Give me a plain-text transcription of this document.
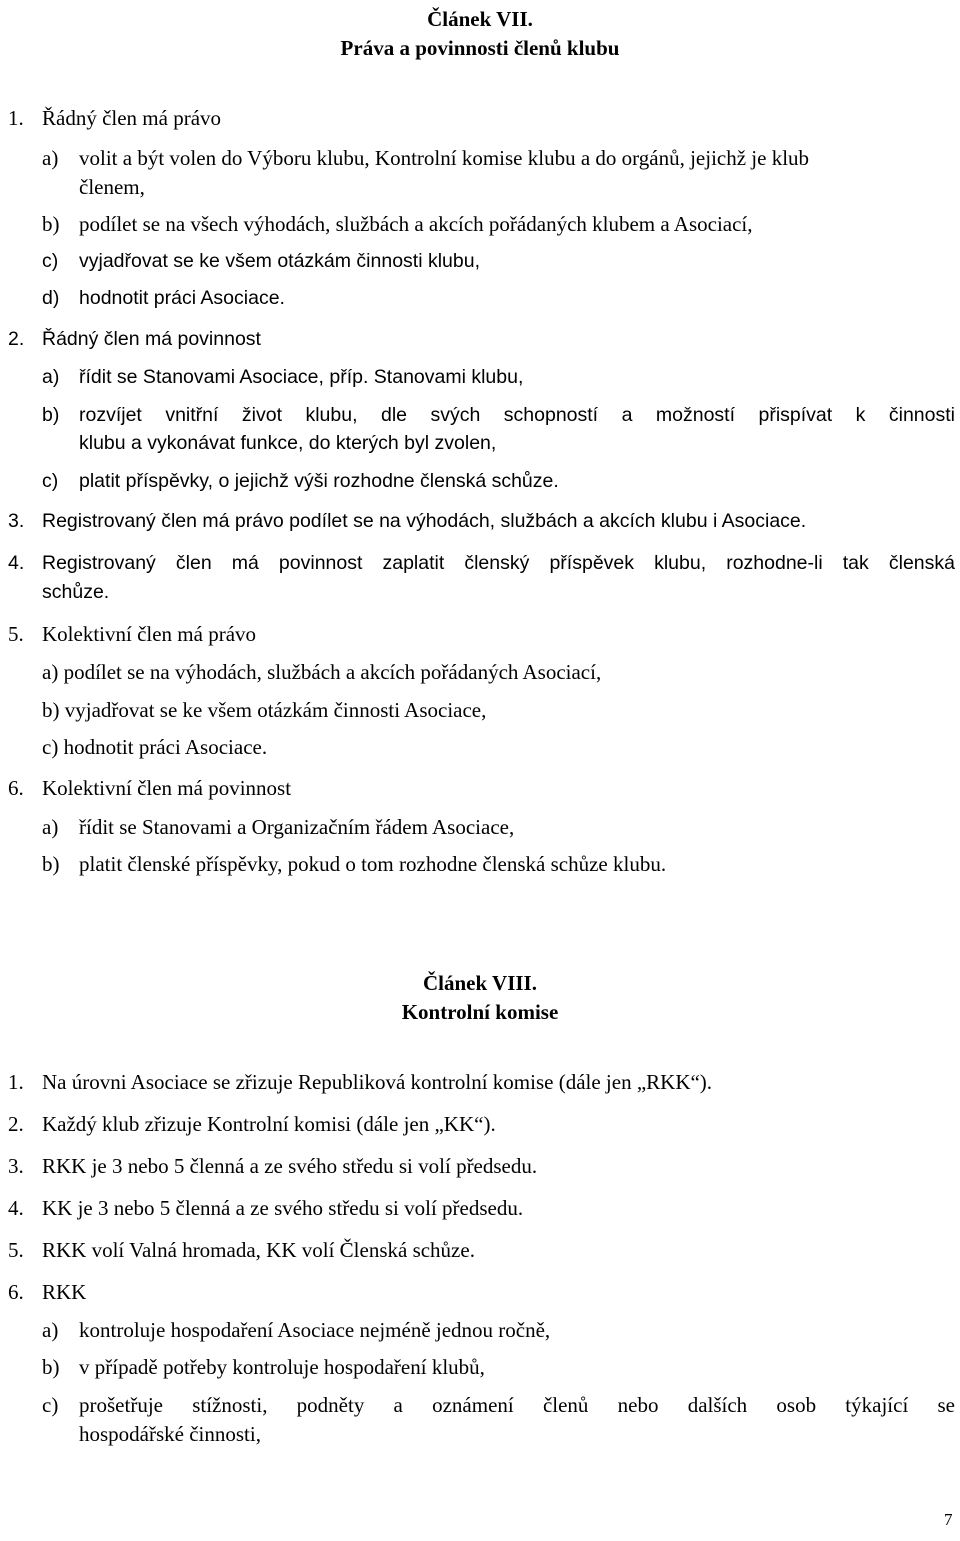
Článek VII.
Práva a povinnosti členů klubu
1. Řádný člen má právo
a) volit a být volen do Výboru klubu, Kontrolní komise klubu a do orgánů, jejichž je klub
členem,
b) podílet se na všech výhodách, službách a akcích pořádaných klubem a Asociací,
c) vyjadřovat se ke všem otázkám činnosti klubu,
d) hodnotit práci Asociace.
2. Řádný člen má povinnost
a) řídit se Stanovami Asociace, příp. Stanovami klubu,
b) rozvíjet vnitřní život klubu, dle svých schopností a možností přispívat k činnosti
klubu a vykonávat funkce, do kterých byl zvolen,
c) platit příspěvky, o jejichž výši rozhodne členská schůze.
3. Registrovaný člen má právo podílet se na výhodách, službách a akcích klubu i Asociace.
4. Registrovaný člen má povinnost zaplatit členský příspěvek klubu, rozhodne-li tak členská
schůze.
5. Kolektivní člen má právo
a) podílet se na výhodách, službách a akcích pořádaných Asociací,
b) vyjadřovat se ke všem otázkám činnosti Asociace,
c) hodnotit práci Asociace.
6. Kolektivní člen má povinnost
a) řídit se Stanovami a Organizačním řádem Asociace,
b) platit členské příspěvky, pokud o tom rozhodne členská schůze klubu.
Článek VIII.
Kontrolní komise
1. Na úrovni Asociace se zřizuje Republiková kontrolní komise (dále jen „RKK“).
2. Každý klub zřizuje Kontrolní komisi (dále jen „KK“).
3. RKK je 3 nebo 5 členná a ze svého středu si volí předsedu.
4. KK je 3 nebo 5 členná a ze svého středu si volí předsedu.
5. RKK volí Valná hromada, KK volí Členská schůze.
6. RKK
a) kontroluje hospodaření Asociace nejméně jednou ročně,
b) v případě potřeby kontroluje hospodaření klubů,
c) prošetřuje stížnosti, podněty a oznámení členů nebo dalších osob týkající se
hospodářské činnosti,
7
